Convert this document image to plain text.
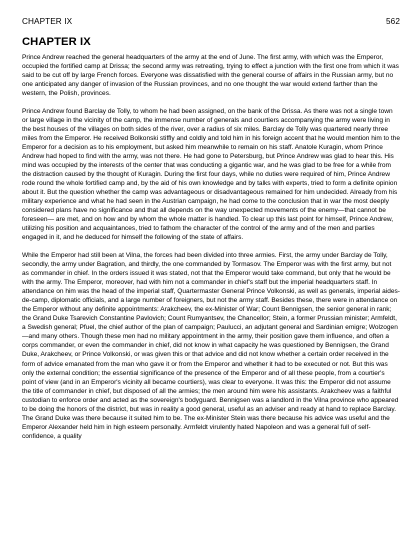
CHAPTER IX	562
CHAPTER IX

Prince Andrew reached the general headquarters of the army at the end of June. The first army, with which was the Emperor, occupied the fortified camp at Drissa; the second army was retreating, trying to effect a junction with the first one from which it was said to be cut off by large French forces. Everyone was dissatisfied with the general course of affairs in the Russian army, but no one anticipated any danger of invasion of the Russian provinces, and no one thought the war would extend farther than the western, the Polish, provinces.

Prince Andrew found Barclay de Tolly, to whom he had been assigned, on the bank of the Drissa. As there was not a single town or large village in the vicinity of the camp, the immense number of generals and courtiers accompanying the army were living in the best houses of the villages on both sides of the river, over a radius of six miles. Barclay de Tolly was quartered nearly three miles from the Emperor. He received Bolkonski stiffly and coldly and told him in his foreign accent that he would mention him to the Emperor for a decision as to his employment, but asked him meanwhile to remain on his staff. Anatole Kuragin, whom Prince Andrew had hoped to find with the army, was not there. He had gone to Petersburg, but Prince Andrew was glad to hear this. His mind was occupied by the interests of the center that was conducting a gigantic war, and he was glad to be free for a while from the distraction caused by the thought of Kuragin. During the first four days, while no duties were required of him, Prince Andrew rode round the whole fortified camp and, by the aid of his own knowledge and by talks with experts, tried to form a definite opinion about it. But the question whether the camp was advantageous or disadvantageous remained for him undecided. Already from his military experience and what he had seen in the Austrian campaign, he had come to the conclusion that in war the most deeply considered plans have no significance and that all depends on the way unexpected movements of the enemy—that cannot be foreseen— are met, and on how and by whom the whole matter is handled. To clear up this last point for himself, Prince Andrew, utilizing his position and acquaintances, tried to fathom the character of the control of the army and of the men and parties engaged in it, and he deduced for himself the following of the state of affairs.

While the Emperor had still been at Vilna, the forces had been divided into three armies. First, the army under Barclay de Tolly, secondly, the army under Bagration, and thirdly, the one commanded by Tormasov. The Emperor was with the first army, but not as commander in chief. In the orders issued it was stated, not that the Emperor would take command, but only that he would be with the army. The Emperor, moreover, had with him not a commander in chief's staff but the imperial headquarters staff. In attendance on him was the head of the imperial staff, Quartermaster General Prince Volkonski, as well as generals, imperial aides-de-camp, diplomatic officials, and a large number of foreigners, but not the army staff. Besides these, there were in attendance on the Emperor without any definite appointments: Arakcheev, the ex-Minister of War; Count Bennigsen, the senior general in rank; the Grand Duke Tsarevich Constantine Pavlovich; Count Rumyantsev, the Chancellor; Stein, a former Prussian minister; Armfeldt, a Swedish general; Pfuel, the chief author of the plan of campaign; Paulucci, an adjutant general and Sardinian emigre; Wolzogen—and many others. Though these men had no military appointment in the army, their position gave them influence, and often a corps commander, or even the commander in chief, did not know in what capacity he was questioned by Bennigsen, the Grand Duke, Arakcheev, or Prince Volkonski, or was given this or that advice and did not know whether a certain order received in the form of advice emanated from the man who gave it or from the Emperor and whether it had to be executed or not. But this was only the external condition; the essential significance of the presence of the Emperor and of all these people, from a courtier's point of view (and in an Emperor's vicinity all became courtiers), was clear to everyone. It was this: the Emperor did not assume the title of commander in chief, but disposed of all the armies; the men around him were his assistants. Arakcheev was a faithful custodian to enforce order and acted as the sovereign's bodyguard. Bennigsen was a landlord in the Vilna province who appeared to be doing the honors of the district, but was in reality a good general, useful as an adviser and ready at hand to replace Barclay. The Grand Duke was there because it suited him to be. The ex-Minister Stein was there because his advice was useful and the Emperor Alexander held him in high esteem personally. Armfeldt virulently hated Napoleon and was a general full of self-confidence, a quality
